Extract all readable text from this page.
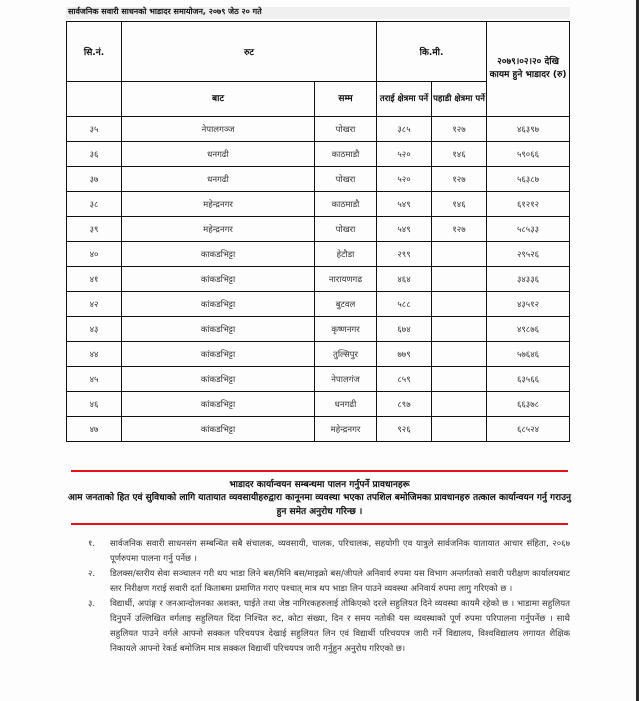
सार्वजनिक सवारी साधनको भाडादर समायोजन, २०७९ जेठ २० गते
सि.नं.	रुट		कि.मी.		२०७९।०२।२० देखि कायम हुने भाडादर (रु)
	बाट	सम्म	तराई क्षेत्रमा पर्ने	पहाडी क्षेत्रमा पर्ने	
३५	नेपालगञ्ज	पोखरा	३८५	१२७	४६३९७
३६	धनगढी	काठमाडौ	५२०	१४६	५९०६६
३७	धनगढी	पोखरा	५२०	१२७	५६३८७
३८	महेन्द्रनगर	काठमाडौ	५४९	१४६	६१२१२
३९	महेन्द्रनगर	पोखरा	५४९	१२७	५८५३३
४०	काकडभिट्टा	हेटौडा	२९९		२९५२६
४१	कांकडभिट्टा	नारायणगढ	४६४		३४३३६
४२	कांकडभिट्टा	बुटवल	५८८		४३५१२
४३	कांकडभिट्टा	कृष्णनगर	६७४		४९८७६
४४	कांकडभिट्टा	तुल्सिपुर	७७९		५७६४६
४५	कांकडभिट्टा	नेपालगंज	८५९		६३५६६
४६	कांकडभिट्टा	धनगढी	८९७		६६३७८
४७	कांकडभिट्टा	महेन्द्रनगर	९२६		६८५२४
भाडादर कार्यान्वयन सम्बन्धमा पालन गर्नुपर्ने प्रावधानहरू
आम जनताको हित एवं सुविधाको लागि यातायात व्यवसायीहरुद्वारा कानूनमा व्यवस्था भएका तपशिल बमोजिमका प्रावधानहरु तत्काल कार्यान्वयन गर्नु गराउनु हुन समेत अनुरोध गरिन्छ ।
१. सार्वजनिक सवारी साधनसंग सम्बन्धित सबै संचालक, व्यवसायी, चालक, परिचालक, सहयोगी एव यात्रुले सार्वजनिक यातायात आचार संहिता, २०६७ पूर्णरुपमा पालना गर्नु पर्नेछ ।
२. डिलक्स/स्तरीय सेवा सञ्चालन गरी थप भाडा लिने बस/मिनि बस/माइक्रो बस/जीपले अनिवार्य रुपमा यस विभाग अन्तर्गतको सवारी परीक्षण कार्यालयबाट स्तर निरीक्षण गराई सवारी दर्ता किताबमा प्रमाणित गराए पश्चात् मात्र थप भाडा लिन पाउने व्यवस्था अनिवार्य रुपमा लागु गरिएको छ ।
३. विद्यार्थी, अपांङ्ग र जनआन्दोलनका अशक्त, घाईते तथा जेष्ठ नागिरकहरुलाई तोकिएको दरले सहुलियत दिने व्यवस्था कायमै रहेको छ । भाडामा सहुलियत दिनुपर्ने उल्लिखित वर्गलाइ सहुलियत दिंदा निश्चित रुट, कोटा संख्या, दिन र समय नतोकी यस व्यवस्थाको पूर्ण रुपमा परिपालना गर्नुपर्नेछ । साथै सहुलियत पाउने वर्गले आफ्नो सक्कल परिचयपत्र देखाई सहुलियत लिन एवं विद्यार्थी परिचयपत्र जारी गर्ने विद्यालय, विश्वविद्यालय लगायत शैक्षिक निकायले आफ्नो रेकर्ड बमोजिम मात्र सक्कल विद्यार्थी परिचयपत्र जारी गर्नुहुन अनुरोध गरिएको छ।
